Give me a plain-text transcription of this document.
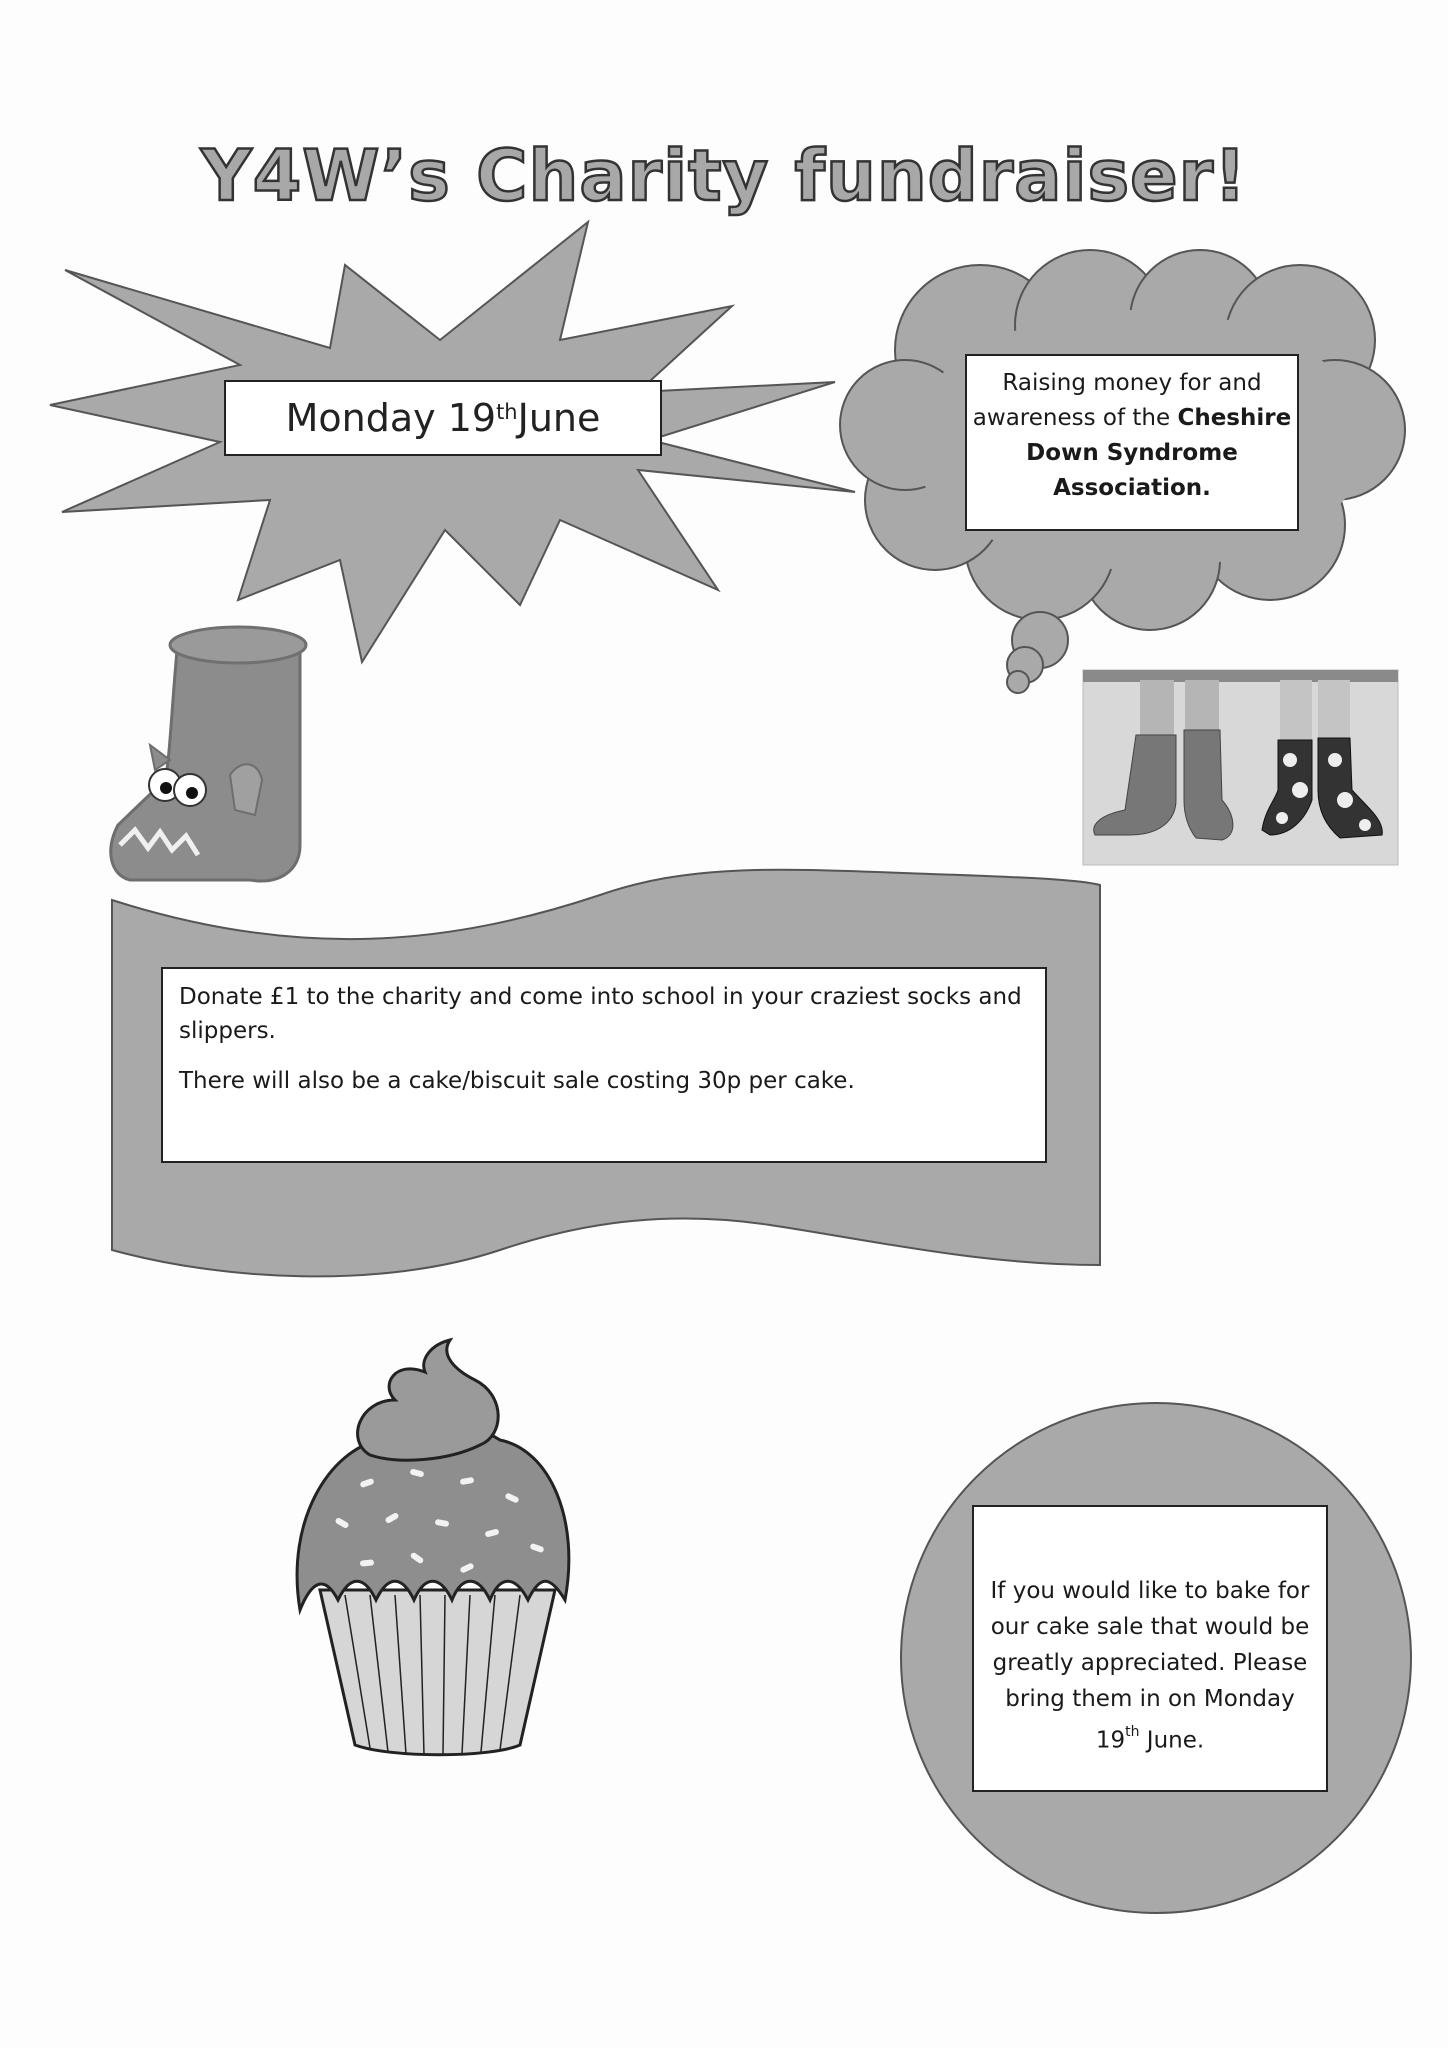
Y4W’s Charity fundraiser!
Monday 19th June
Raising money for and
awareness of the Cheshire
Down Syndrome
Association.

Donate £1 to the charity and come into school in your craziest socks and slippers.

There will also be a cake/biscuit sale costing 30p per cake.

If you would like to bake for our cake sale that would be greatly appreciated. Please bring them in on Monday 19th June.
